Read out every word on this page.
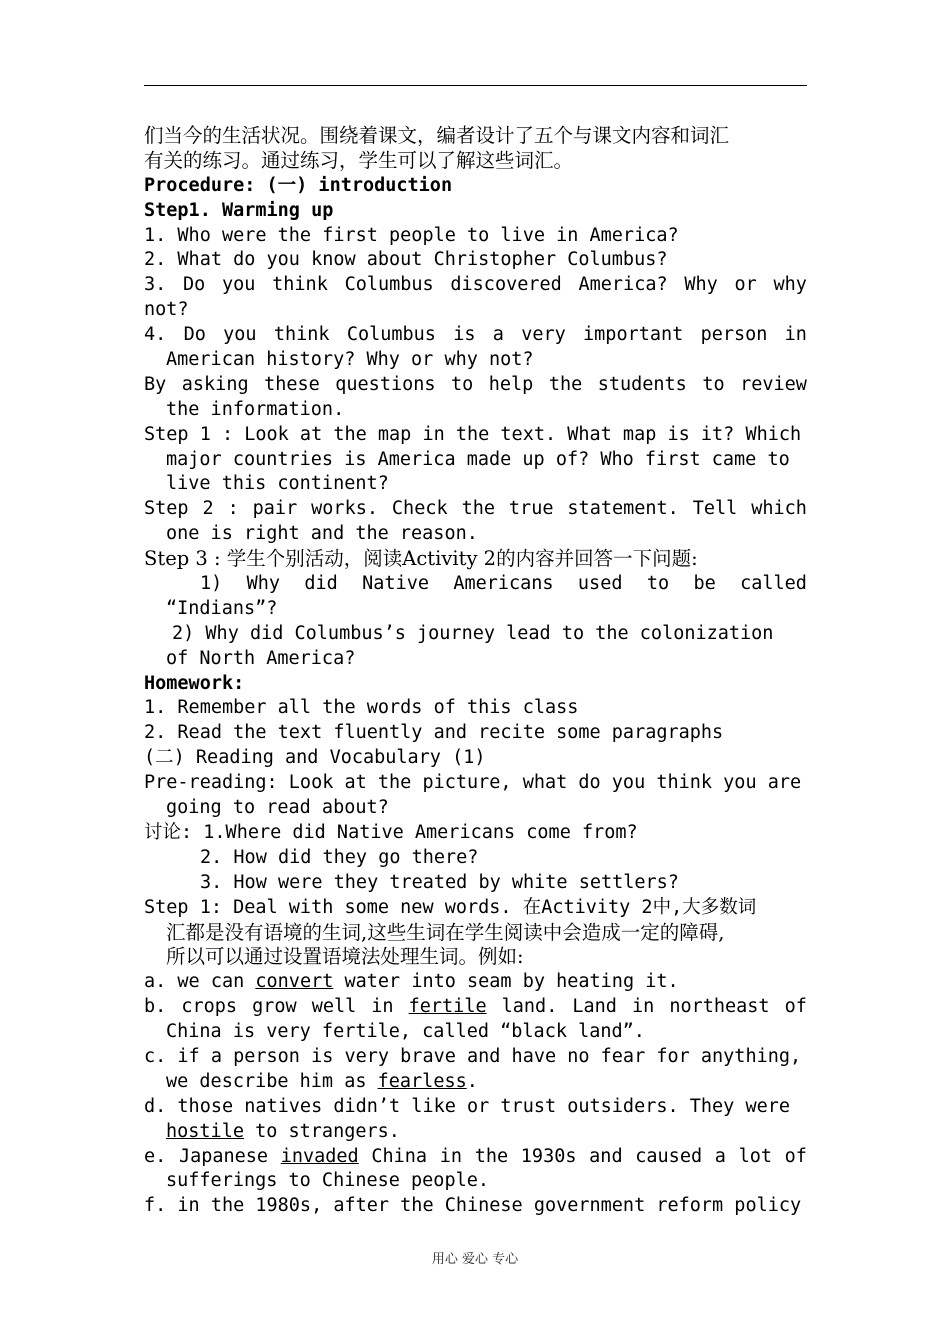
们当今的生活状况。围绕着课文，编者设计了五个与课文内容和词汇
有关的练习。通过练习，学生可以了解这些词汇。
Procedure: (一) introduction
Step1. Warming up
1. Who were the first people to live in America?
2. What do you know about Christopher Columbus?
3. Do you think Columbus discovered America? Why or why
not?
4. Do you think Columbus is a very important person in
American history? Why or why not?
By asking these questions to help the students to review
the information.
Step 1 : Look at the map in the text. What map is it? Which
major countries is America made up of? Who first came to
live this continent?
Step 2 : pair works. Check the true statement. Tell which
one is right and the reason.
Step 3 : 学生个别活动，阅读Activity 2的内容并回答一下问题:
1) Why did Native Americans used to be called
“Indians”?
2) Why did Columbus’s journey lead to the colonization
of North America?
Homework:
1. Remember all the words of this class
2. Read the text fluently and recite some paragraphs
(二) Reading and Vocabulary (1)
Pre-reading: Look at the picture, what do you think you are
going to read about?
讨论: 1.Where did Native Americans come from?
2. How did they go there?
3. How were they treated by white settlers?
Step 1: Deal with some new words. 在Activity 2中,大多数词
汇都是没有语境的生词,这些生词在学生阅读中会造成一定的障碍,
所以可以通过设置语境法处理生词。例如:
a. we can convert water into seam by heating it.
b. crops grow well in fertile land. Land in northeast of
China is very fertile, called “black land”.
c. if a person is very brave and have no fear for anything,
we describe him as fearless.
d. those natives didn’t like or trust outsiders. They were
hostile to strangers.
e. Japanese invaded China in the 1930s and caused a lot of
sufferings to Chinese people.
f. in the 1980s, after the Chinese government reform policy
用心 爱心 专心
